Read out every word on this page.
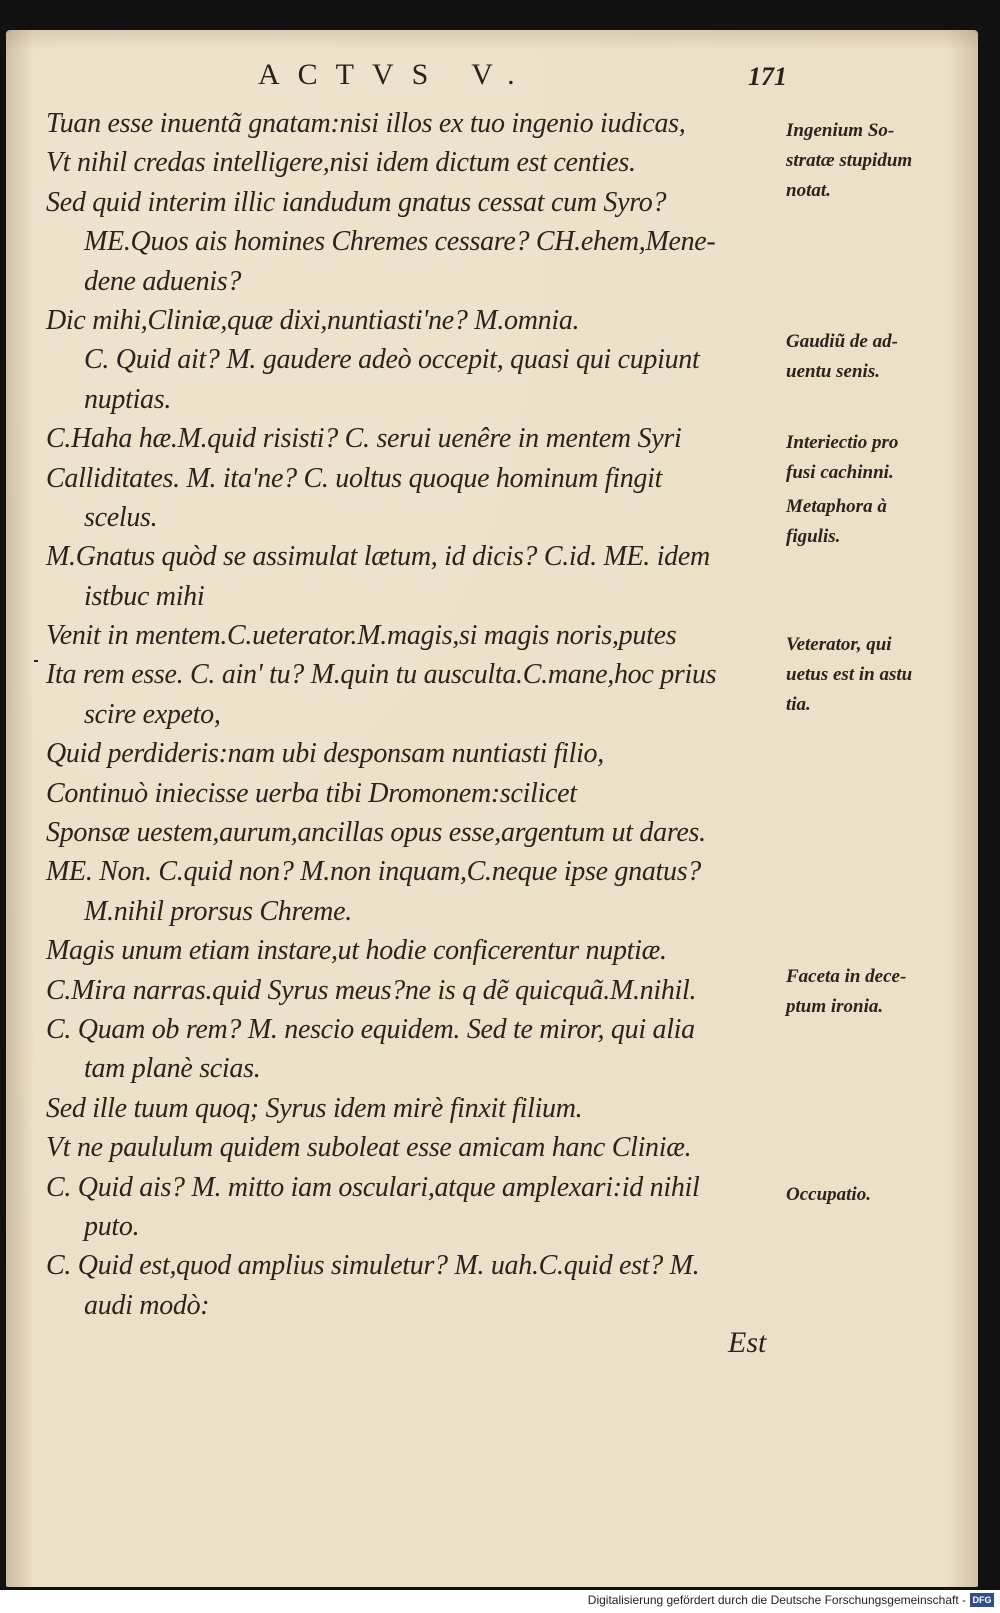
ACTVS V.	171
Tuan esse inuentã gnatam:nisi illos ex tuo ingenio iudicas,
Vt nihil credas intelligere,nisi idem dictum est centies.
Sed quid interim illic iandudum gnatus cessat cum Syro?
ME.Quos ais homines Chremes cessare? CH.ehem,Mene-
dene aduenis?
Dic mihi,Cliniæ,quæ dixi,nuntiasti'ne? M.omnia.
C. Quid ait? M. gaudere adeò occepit, quasi qui cupiunt
nuptias.
C.Haha hæ.M.quid risisti? C. serui uenêre in mentem Syri
Calliditates. M. ita'ne? C. uoltus quoque hominum fingit
scelus.
M.Gnatus quòd se assimulat lætum, id dicis? C.id. ME. idem
istbuc mihi
Venit in mentem.C.ueterator.M.magis,si magis noris,putes
Ita rem esse. C. ain' tu? M.quin tu ausculta.C.mane,hoc prius
scire expeto,
Quid perdideris:nam ubi desponsam nuntiasti filio,
Continuò iniecisse uerba tibi Dromonem:scilicet
Sponsæ uestem,aurum,ancillas opus esse,argentum ut dares.
ME. Non. C.quid non? M.non inquam,C.neque ipse gnatus?
M.nihil prorsus Chreme.
Magis unum etiam instare,ut hodie conficerentur nuptiæ.
C.Mira narras.quid Syrus meus?ne is q dẽ quicquã.M.nihil.
C. Quam ob rem? M. nescio equidem. Sed te miror, qui alia
tam planè scias.
Sed ille tuum quoq; Syrus idem mirè finxit filium.
Vt ne paululum quidem suboleat esse amicam hanc Cliniæ.
C. Quid ais? M. mitto iam osculari,atque amplexari:id nihil
puto.
C. Quid est,quod amplius simuletur? M. uah.C.quid est? M.
audi modò:
Est
Ingenium So-
stratæ stupidum
notat.
Gaudiũ de ad-
uentu senis.
Interiectio pro
fusi cachinni.
Metaphora à
figulis.
Veterator, qui
uetus est in astu
tia.
Faceta in dece-
ptum ironia.
Occupatio.
Digitalisierung gefördert durch die Deutsche Forschungsgemeinschaft - DFG
